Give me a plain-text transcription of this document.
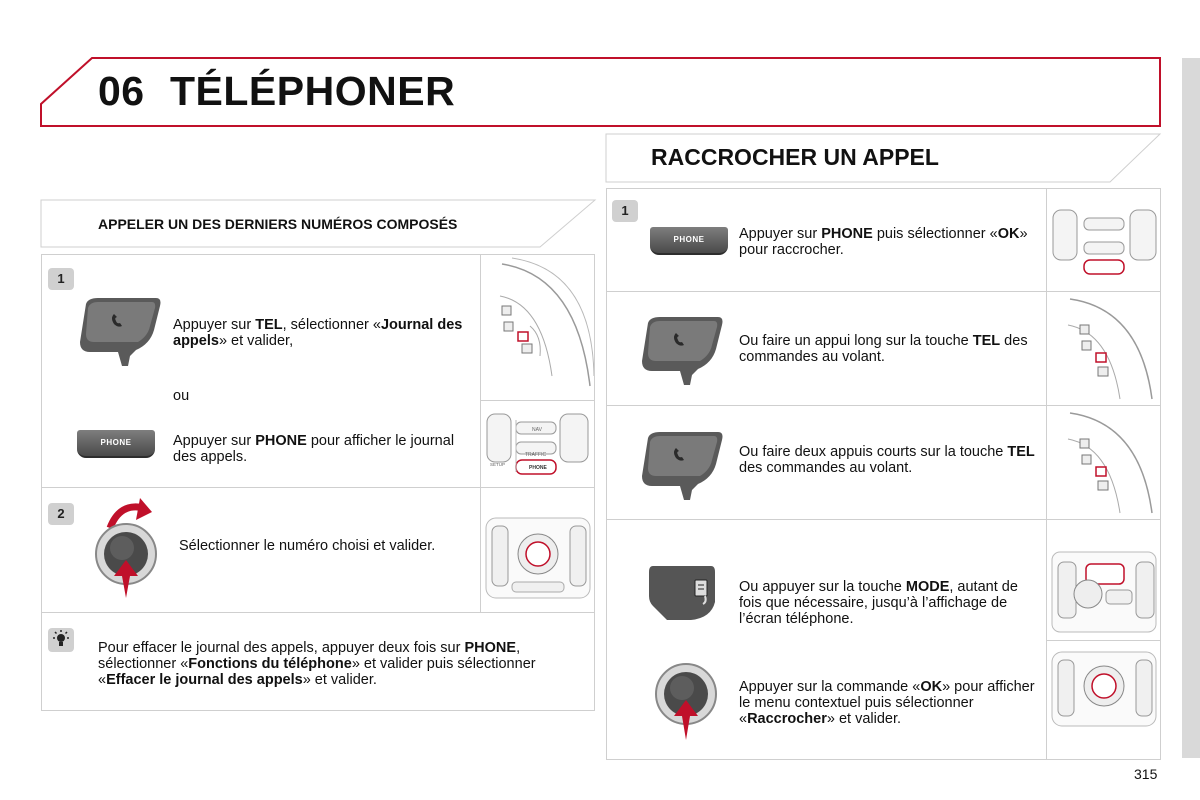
06 TÉLÉPHONER
APPELER UN DES DERNIERS NUMÉROS COMPOSÉS
1
Appuyer sur TEL, sélectionner «Journal des appels» et valider,
ou
PHONE	Appuyer sur PHONE pour afficher le journal des appels.
NAV
TRAFFIC
SETUP
PHONE
2
Sélectionner le numéro choisi et valider.
Pour effacer le journal des appels, appuyer deux fois sur PHONE, sélectionner «Fonctions du téléphone» et valider puis sélectionner «Effacer le journal des appels» et valider.
RACCROCHER UN APPEL
1
PHONE	Appuyer sur PHONE puis sélectionner «OK» pour raccrocher.
Ou faire un appui long sur la touche TEL des commandes au volant.
Ou faire deux appuis courts sur la touche TEL des commandes au volant.
Ou appuyer sur la touche MODE, autant de fois que nécessaire, jusqu’à l’affichage de l’écran téléphone.
Appuyer sur la commande «OK» pour afficher le menu contextuel puis sélectionner «Raccrocher» et valider.
315
